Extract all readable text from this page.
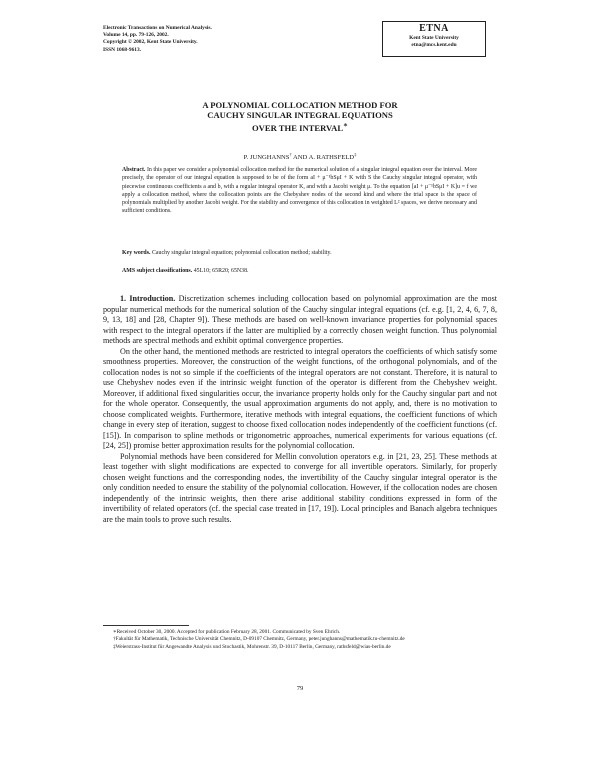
Electronic Transactions on Numerical Analysis.
Volume 14, pp. 79-126, 2002.
Copyright © 2002, Kent State University.
ISSN 1068-9613.
ETNA
Kent State University
etna@mcs.kent.edu
A POLYNOMIAL COLLOCATION METHOD FOR
CAUCHY SINGULAR INTEGRAL EQUATIONS
OVER THE INTERVAL∗
P. JUNGHANNS† AND A. RATHSFELD‡
Abstract. In this paper we consider a polynomial collocation method for the numerical solution of a singular integral equation over the interval. More precisely, the operator of our integral equation is supposed to be of the form aI + μ⁻¹bSμI + K with S the Cauchy singular integral operator, with piecewise continuous coefficients a and b, with a regular integral operator K, and with a Jacobi weight μ. To the equation [aI + μ⁻¹bSμI + K]u = f we apply a collocation method, where the collocation points are the Chebyshev nodes of the second kind and where the trial space is the space of polynomials multiplied by another Jacobi weight. For the stability and convergence of this collocation in weighted L² spaces, we derive necessary and sufficient conditions.
Key words. Cauchy singular integral equation; polynomial collocation method; stability.
AMS subject classifications. 45L10; 65R20; 65N38.

1. Introduction. Discretization schemes including collocation based on polynomial approximation are the most popular numerical methods for the numerical solution of the Cauchy singular integral equations (cf. e.g. [1, 2, 4, 6, 7, 8, 9, 13, 18] and [28, Chapter 9]). These methods are based on well-known invariance properties for polynomial spaces with respect to the integral operators if the latter are multiplied by a correctly chosen weight function. Thus polynomial methods are spectral methods and exhibit optimal convergence properties.

On the other hand, the mentioned methods are restricted to integral operators the coefficients of which satisfy some smoothness properties. Moreover, the construction of the weight functions, of the orthogonal polynomials, and of the collocation nodes is not so simple if the coefficients of the integral operators are not constant. Therefore, it is natural to use Chebyshev nodes even if the intrinsic weight function of the operator is different from the Chebyshev weight. Moreover, if additional fixed singularities occur, the invariance property holds only for the Cauchy singular part and not for the whole operator. Consequently, the usual approximation arguments do not apply, and, there is no motivation to choose complicated weights. Furthermore, iterative methods with integral equations, the coefficient functions of which change in every step of iteration, suggest to choose fixed collocation nodes independently of the coefficient functions (cf. [15]). In comparison to spline methods or trigonometric approaches, numerical experiments for various equations (cf. [24, 25]) promise better approximation results for the polynomial collocation.

Polynomial methods have been considered for Mellin convolution operators e.g. in [21, 23, 25]. These methods at least together with slight modifications are expected to converge for all invertible operators. Similarly, for properly chosen weight functions and the corresponding nodes, the invertibility of the Cauchy singular integral operator is the only condition needed to ensure the stability of the polynomial collocation. However, if the collocation nodes are chosen independently of the intrinsic weights, then there arise additional stability conditions expressed in form of the invertibility of related operators (cf. the special case treated in [17, 19]). Local principles and Banach algebra techniques are the main tools to prove such results.

∗Received October 30, 2000. Accepted for publication February 28, 2001. Communicated by Sven Ehrich.

†Fakultät für Mathematik, Technische Universität Chemnitz, D-09107 Chemnitz, Germany, peter.junghanns@mathematik.tu-chemnitz.de

‡Weierstrass-Institut für Angewandte Analysis und Stochastik, Mohrenstr. 39, D-10117 Berlin, Germany, rathsfeld@wias-berlin.de

79
